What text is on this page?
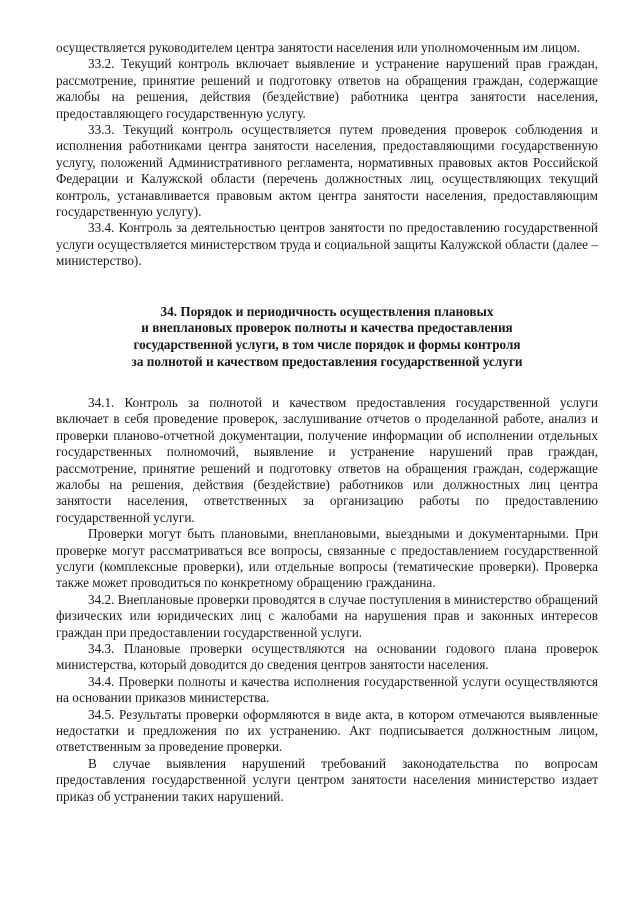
осуществляется руководителем центра занятости населения или уполномоченным им лицом.

33.2. Текущий контроль включает выявление и устранение нарушений прав граждан, рассмотрение, принятие решений и подготовку ответов на обращения граждан, содержащие жалобы на решения, действия (бездействие) работника центра занятости населения, предоставляющего государственную услугу.

33.3. Текущий контроль осуществляется путем проведения проверок соблюдения и исполнения работниками центра занятости населения, предоставляющими государственную услугу, положений Административного регламента, нормативных правовых актов Российской Федерации и Калужской области (перечень должностных лиц, осуществляющих текущий контроль, устанавливается правовым актом центра занятости населения, предоставляющим государственную услугу).

33.4. Контроль за деятельностью центров занятости по предоставлению государственной услуги осуществляется министерством труда и социальной защиты Калужской области (далее – министерство).

34. Порядок и периодичность осуществления плановых
и внеплановых проверок полноты и качества предоставления
государственной услуги, в том числе порядок и формы контроля
за полнотой и качеством предоставления государственной услуги

34.1. Контроль за полнотой и качеством предоставления государственной услуги включает в себя проведение проверок, заслушивание отчетов о проделанной работе, анализ и проверки планово-отчетной документации, получение информации об исполнении отдельных государственных полномочий, выявление и устранение нарушений прав граждан, рассмотрение, принятие решений и подготовку ответов на обращения граждан, содержащие жалобы на решения, действия (бездействие) работников или должностных лиц центра занятости населения, ответственных за организацию работы по предоставлению государственной услуги.

Проверки могут быть плановыми, внеплановыми, выездными и документарными. При проверке могут рассматриваться все вопросы, связанные с предоставлением государственной услуги (комплексные проверки), или отдельные вопросы (тематические проверки). Проверка также может проводиться по конкретному обращению гражданина.

34.2. Внеплановые проверки проводятся в случае поступления в министерство обращений физических или юридических лиц с жалобами на нарушения прав и законных интересов граждан при предоставлении государственной услуги.

34.3. Плановые проверки осуществляются на основании годового плана проверок министерства, который доводится до сведения центров занятости населения.

34.4. Проверки полноты и качества исполнения государственной услуги осуществляются на основании приказов министерства.

34.5. Результаты проверки оформляются в виде акта, в котором отмечаются выявленные недостатки и предложения по их устранению. Акт подписывается должностным лицом, ответственным за проведение проверки.

В случае выявления нарушений требований законодательства по вопросам предоставления государственной услуги центром занятости населения министерство издает приказ об устранении таких нарушений.
